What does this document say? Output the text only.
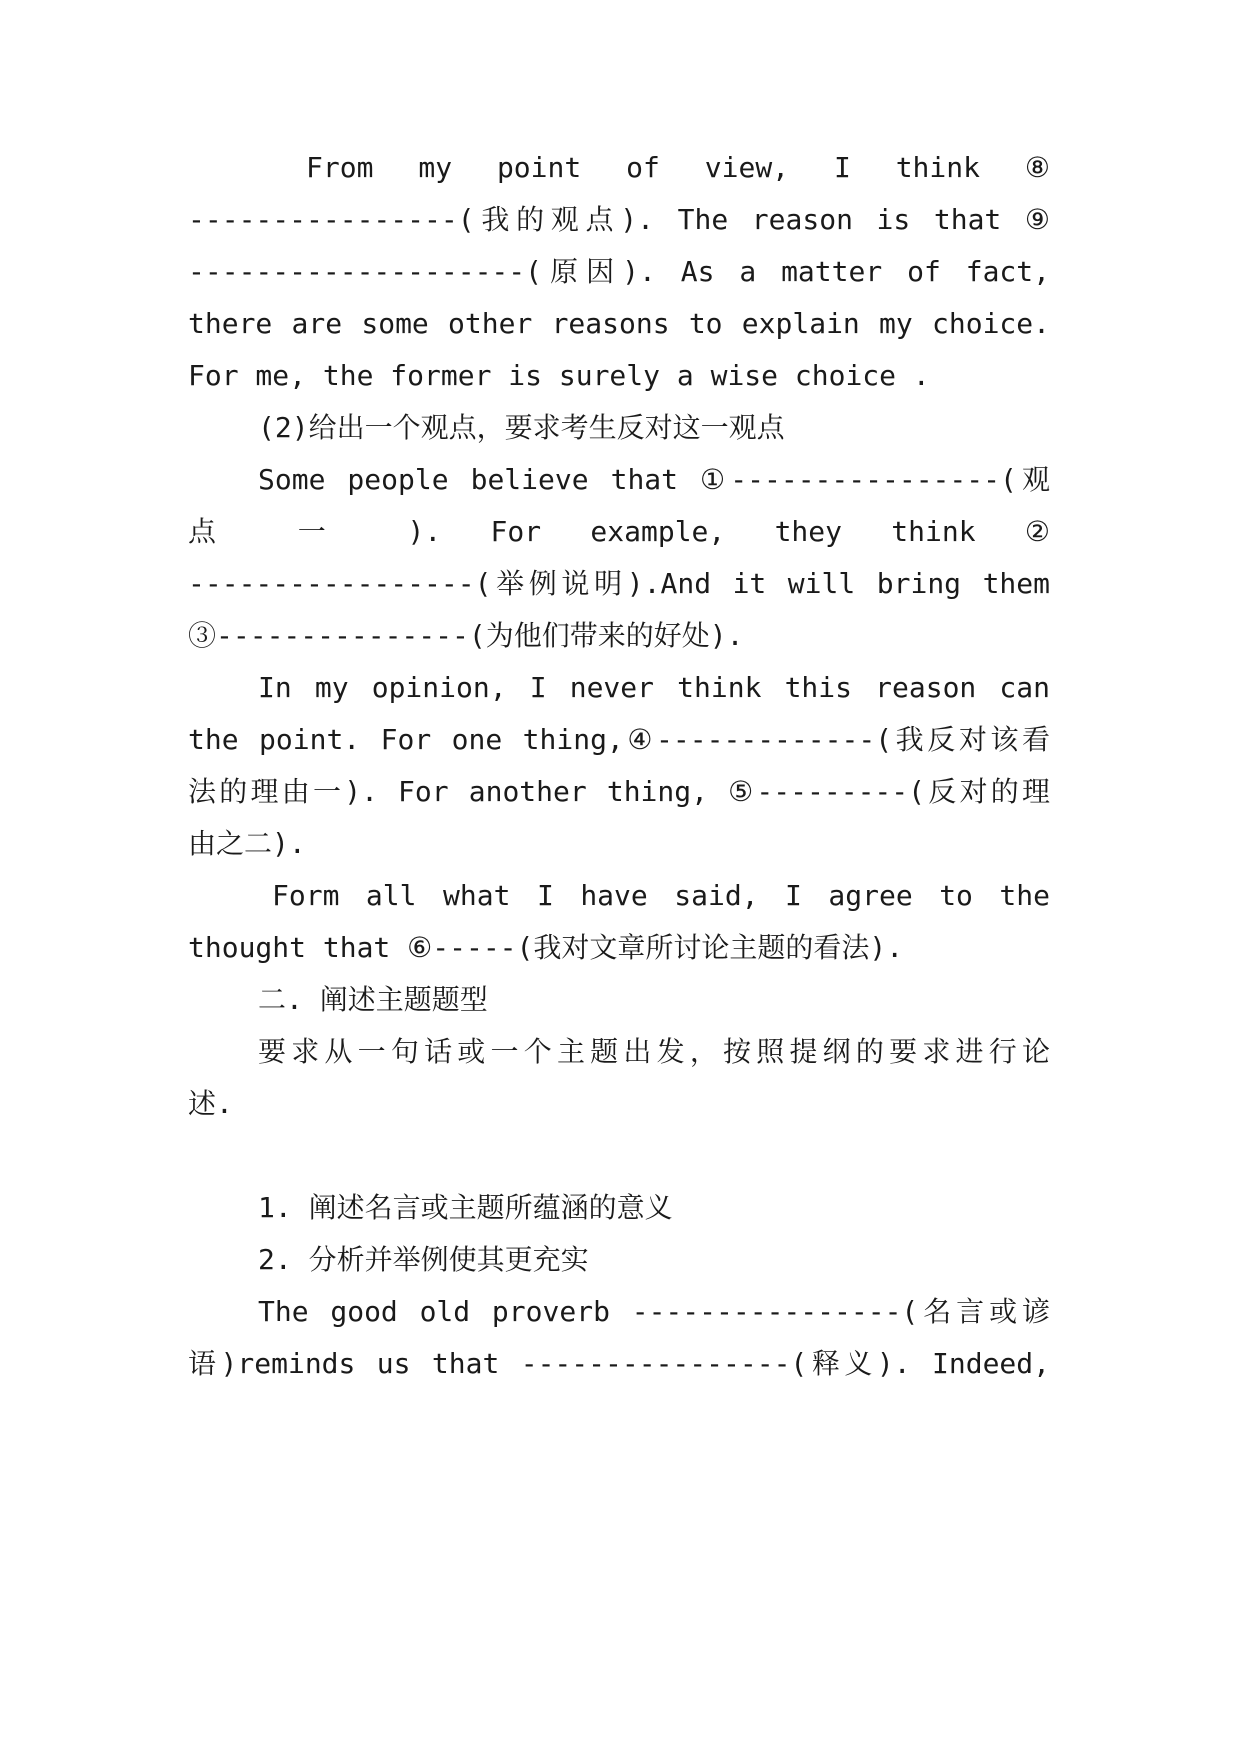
From my point of view, I think ⑧
----------------(我的观点). The reason is that ⑨
--------------------(原因). As a matter of fact,
there are some other reasons to explain my choice.
For me, the former is surely a wise choice .
(2)给出一个观点，要求考生反对这一观点
Some people believe that ①----------------(观
点 一 ). For example, they think ②
-----------------(举例说明).And it will bring them
③---------------(为他们带来的好处).
In my opinion, I never think this reason can
the point. For one thing,④-------------(我反对该看
法的理由一). For another thing, ⑤---------(反对的理
由之二).
Form all what I have said, I agree to the
thought that ⑥-----(我对文章所讨论主题的看法).
二. 阐述主题题型
要求从一句话或一个主题出发，按照提纲的要求进行论
述.
1. 阐述名言或主题所蕴涵的意义
2. 分析并举例使其更充实
The good old proverb ----------------(名言或谚
语)reminds us that ----------------(释义). Indeed,
